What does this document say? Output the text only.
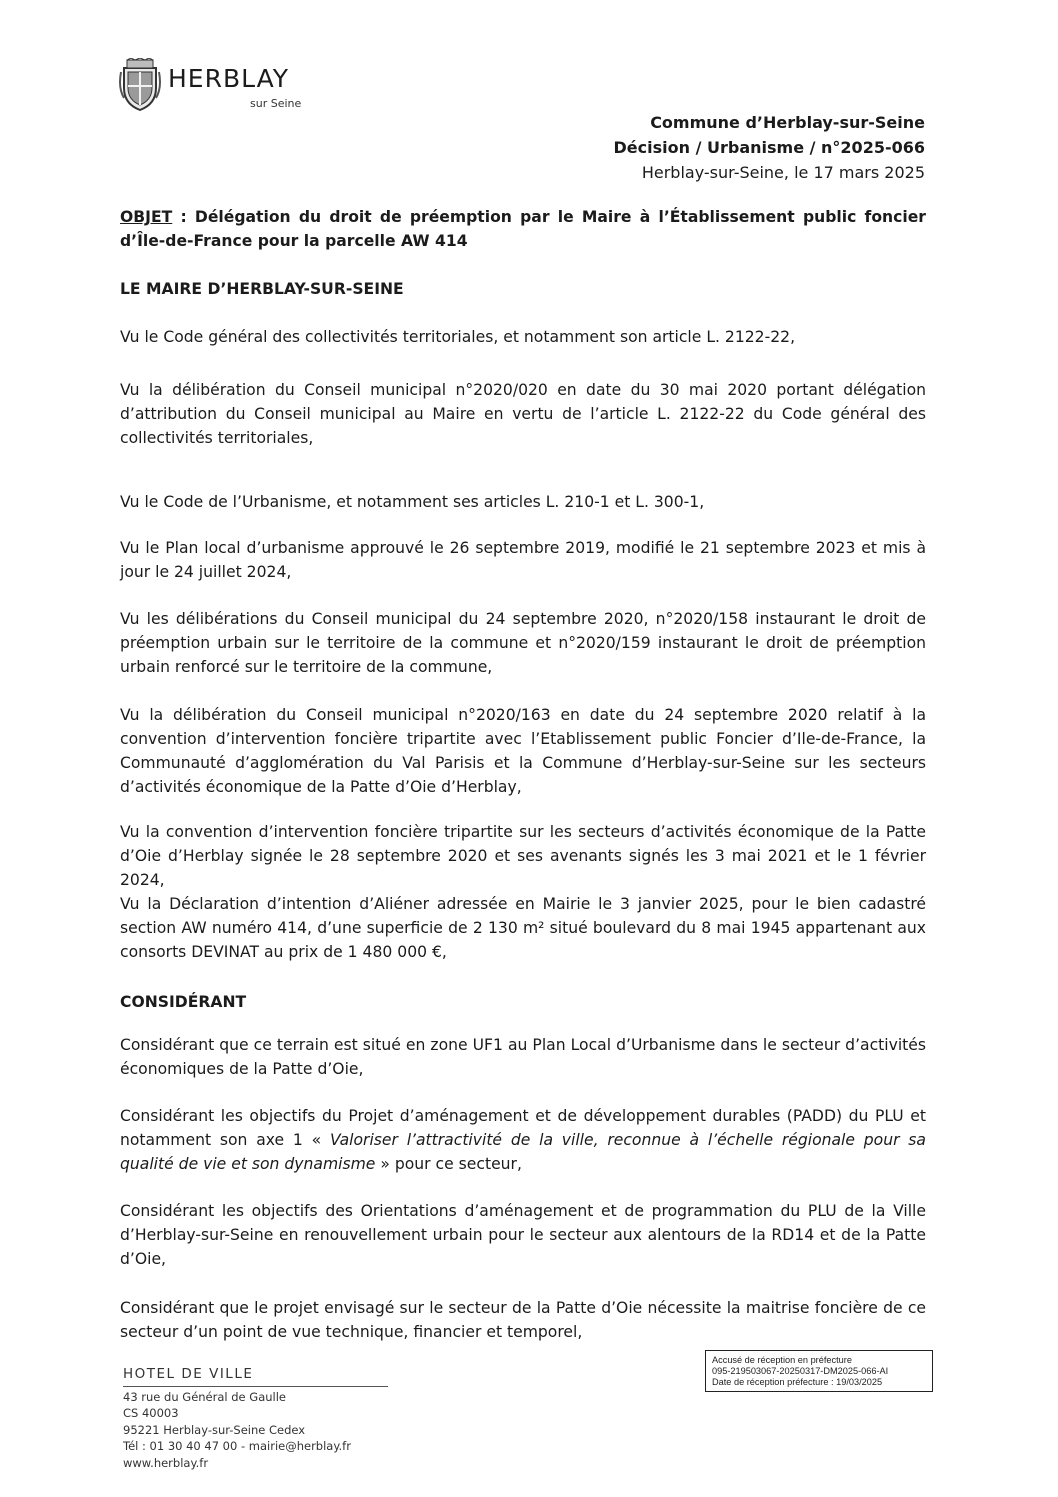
HERBLAY
sur Seine
Commune d’Herblay-sur-Seine
Décision / Urbanisme / n°2025-066
Herblay-sur-Seine, le 17 mars 2025

OBJET : Délégation du droit de préemption par le Maire à l’Établissement public foncier d’Île-de-France pour la parcelle AW 414

LE MAIRE D’HERBLAY-SUR-SEINE

Vu le Code général des collectivités territoriales, et notamment son article L. 2122-22,

Vu la délibération du Conseil municipal n°2020/020 en date du 30 mai 2020 portant délégation d’attribution du Conseil municipal au Maire en vertu de l’article L. 2122-22 du Code général des collectivités territoriales,

Vu le Code de l’Urbanisme, et notamment ses articles L. 210-1 et L. 300-1,

Vu le Plan local d’urbanisme approuvé le 26 septembre 2019, modifié le 21 septembre 2023 et mis à jour le 24 juillet 2024,

Vu les délibérations du Conseil municipal du 24 septembre 2020, n°2020/158 instaurant le droit de préemption urbain sur le territoire de la commune et n°2020/159 instaurant le droit de préemption urbain renforcé sur le territoire de la commune,

Vu la délibération du Conseil municipal n°2020/163 en date du 24 septembre 2020 relatif à la convention d’intervention foncière tripartite avec l’Etablissement public Foncier d’Ile-de-France, la Communauté d’agglomération du Val Parisis et la Commune d’Herblay-sur-Seine sur les secteurs d’activités économique de la Patte d’Oie d’Herblay,

Vu la convention d’intervention foncière tripartite sur les secteurs d’activités économique de la Patte d’Oie d’Herblay signée le 28 septembre 2020 et ses avenants signés les 3 mai 2021 et le 1 février 2024,

Vu la Déclaration d’intention d’Aliéner adressée en Mairie le 3 janvier 2025, pour le bien cadastré section AW numéro 414, d’une superficie de 2 130 m² situé boulevard du 8 mai 1945 appartenant aux consorts DEVINAT au prix de 1 480 000 €,

CONSIDÉRANT

Considérant que ce terrain est situé en zone UF1 au Plan Local d’Urbanisme dans le secteur d’activités économiques de la Patte d’Oie,

Considérant les objectifs du Projet d’aménagement et de développement durables (PADD) du PLU et notamment son axe 1 « Valoriser l’attractivité de la ville, reconnue à l’échelle régionale pour sa qualité de vie et son dynamisme » pour ce secteur,

Considérant les objectifs des Orientations d’aménagement et de programmation du PLU de la Ville d’Herblay-sur-Seine en renouvellement urbain pour le secteur aux alentours de la RD14 et de la Patte d’Oie,

Considérant que le projet envisagé sur le secteur de la Patte d’Oie nécessite la maitrise foncière de ce secteur d’un point de vue technique, financier et temporel,

HOTEL DE VILLE
43 rue du Général de Gaulle
CS 40003
95221 Herblay-sur-Seine Cedex
Tél : 01 30 40 47 00 - mairie@herblay.fr
www.herblay.fr
Accusé de réception en préfecture
095-219503067-20250317-DM2025-066-AI
Date de réception préfecture : 19/03/2025
